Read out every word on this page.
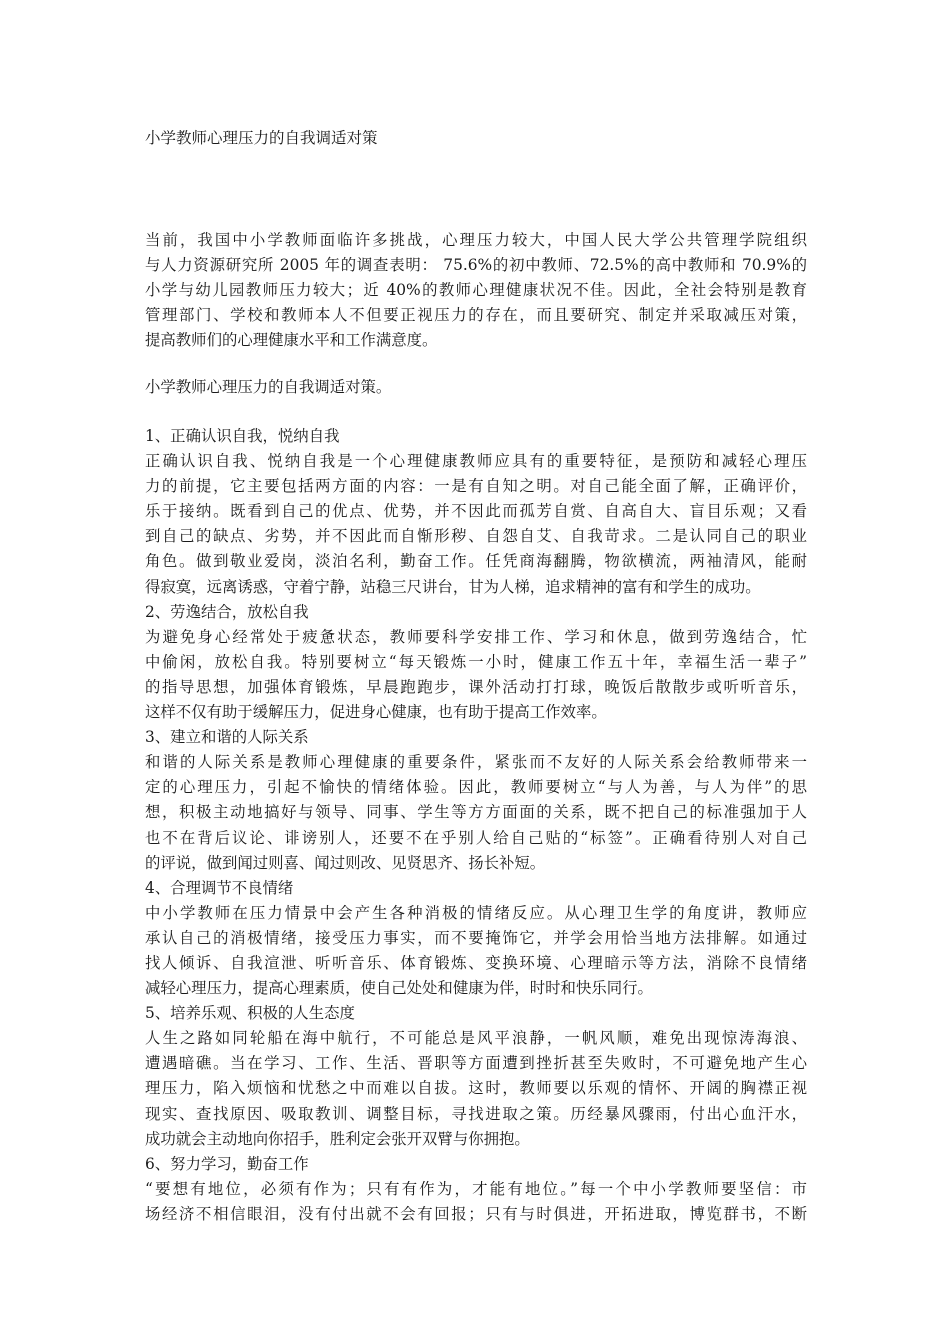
小学教师心理压力的自我调适对策
当前，我国中小学教师面临许多挑战，心理压力较大，中国人民大学公共管理学院组织
与人力资源研究所 2005 年的调查表明： 75.6%的初中教师、72.5%的高中教师和 70.9%的
小学与幼儿园教师压力较大；近 40%的教师心理健康状况不佳。因此，全社会特别是教育
管理部门、学校和教师本人不但要正视压力的存在，而且要研究、制定并采取减压对策，
提高教师们的心理健康水平和工作满意度。
小学教师心理压力的自我调适对策。
1、正确认识自我，悦纳自我
正确认识自我、悦纳自我是一个心理健康教师应具有的重要特征，是预防和减轻心理压
力的前提，它主要包括两方面的内容：一是有自知之明。对自己能全面了解，正确评价，
乐于接纳。既看到自己的优点、优势，并不因此而孤芳自赏、自高自大、盲目乐观；又看
到自己的缺点、劣势，并不因此而自惭形秽、自怨自艾、自我苛求。二是认同自己的职业
角色。做到敬业爱岗，淡泊名利，勤奋工作。任凭商海翻腾，物欲横流，两袖清风，能耐
得寂寞，远离诱惑，守着宁静，站稳三尺讲台，甘为人梯，追求精神的富有和学生的成功。
2、劳逸结合，放松自我
为避免身心经常处于疲惫状态，教师要科学安排工作、学习和休息，做到劳逸结合，忙
中偷闲，放松自我。特别要树立“每天锻炼一小时，健康工作五十年，幸福生活一辈子”
的指导思想，加强体育锻炼，早晨跑跑步，课外活动打打球，晚饭后散散步或听听音乐，
这样不仅有助于缓解压力，促进身心健康，也有助于提高工作效率。
3、建立和谐的人际关系
和谐的人际关系是教师心理健康的重要条件，紧张而不友好的人际关系会给教师带来一
定的心理压力，引起不愉快的情绪体验。因此，教师要树立“与人为善，与人为伴”的思
想，积极主动地搞好与领导、同事、学生等方方面面的关系，既不把自己的标准强加于人
也不在背后议论、诽谤别人，还要不在乎别人给自己贴的“标签”。正确看待别人对自己
的评说，做到闻过则喜、闻过则改、见贤思齐、扬长补短。
4、合理调节不良情绪
中小学教师在压力情景中会产生各种消极的情绪反应。从心理卫生学的角度讲，教师应
承认自己的消极情绪，接受压力事实，而不要掩饰它，并学会用恰当地方法排解。如通过
找人倾诉、自我渲泄、听听音乐、体育锻炼、变换环境、心理暗示等方法，消除不良情绪
减轻心理压力，提高心理素质，使自己处处和健康为伴，时时和快乐同行。
5、培养乐观、积极的人生态度
人生之路如同轮船在海中航行，不可能总是风平浪静，一帆风顺，难免出现惊涛海浪、
遭遇暗礁。当在学习、工作、生活、晋职等方面遭到挫折甚至失败时，不可避免地产生心
理压力，陷入烦恼和忧愁之中而难以自拔。这时，教师要以乐观的情怀、开阔的胸襟正视
现实、查找原因、吸取教训、调整目标，寻找进取之策。历经暴风骤雨，付出心血汗水，
成功就会主动地向你招手，胜利定会张开双臂与你拥抱。
6、努力学习，勤奋工作
“要想有地位，必须有作为；只有有作为，才能有地位。”每一个中小学教师要坚信：市
场经济不相信眼泪，没有付出就不会有回报；只有与时俱进，开拓进取，博览群书，不断
